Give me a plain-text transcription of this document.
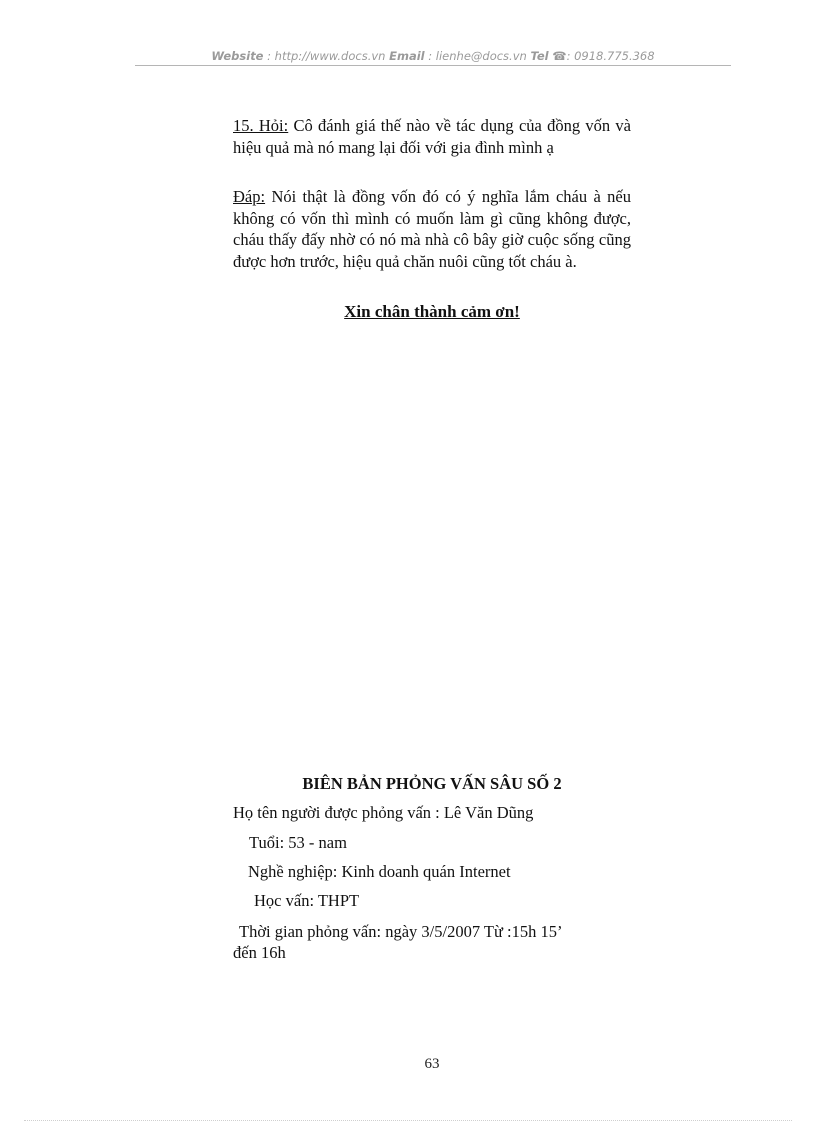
Website : http://www.docs.vn Email : lienhe@docs.vn Tel ☎: 0918.775.368
15. Hỏi: Cô đánh giá thế nào về tác dụng của đồng vốn và hiệu quả mà nó mang lại đối với gia đình mình ạ
Đáp: Nói thật là đồng vốn đó có ý nghĩa lắm cháu à nếu không có vốn thì mình có muốn làm gì cũng không được, cháu thấy đấy nhờ có nó mà nhà cô bây giờ cuộc sống cũng được hơn trước, hiệu quả chăn nuôi cũng tốt cháu à.
Xin chân thành cảm ơn!
BIÊN BẢN PHỎNG VẤN SÂU SỐ 2
Họ tên người được phỏng vấn : Lê Văn Dũng
Tuổi: 53 - nam
Nghề nghiệp: Kinh doanh quán Internet
Học vấn: THPT
Thời gian phỏng vấn: ngày 3/5/2007 Từ :15h 15’
đến 16h
63
